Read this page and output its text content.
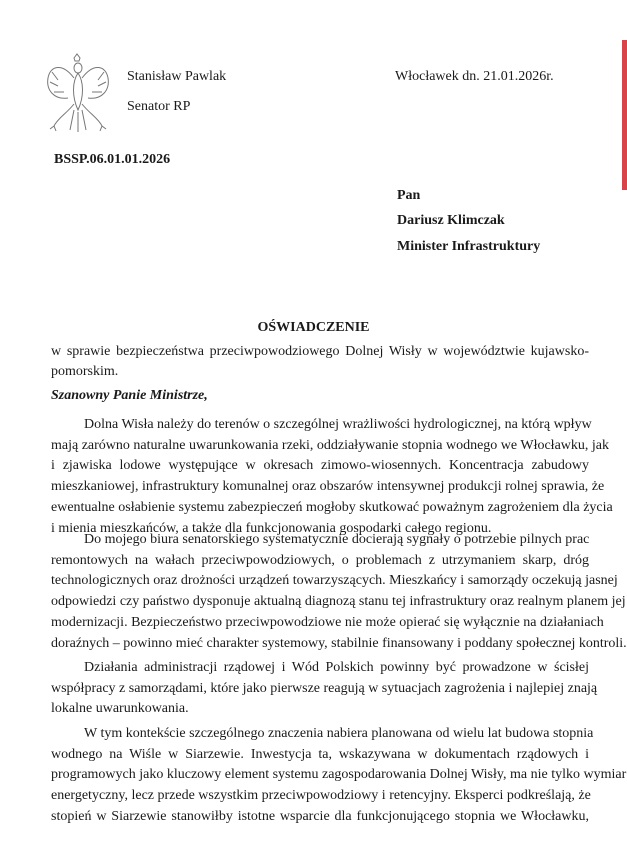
Stanisław Pawlak
Senator RP
Włocławek dn. 21.01.2026r.
BSSP.06.01.01.2026
Pan
Dariusz Klimczak
Minister Infrastruktury
OŚWIADCZENIE
w sprawie bezpieczeństwa przeciwpowodziowego Dolnej Wisły w województwie kujawsko-
pomorskim.
Szanowny Panie Ministrze,
Dolna Wisła należy do terenów o szczególnej wrażliwości hydrologicznej, na którą wpływ
mają zarówno naturalne uwarunkowania rzeki, oddziaływanie stopnia wodnego we Włocławku, jak
i zjawiska lodowe występujące w okresach zimowo-wiosennych. Koncentracja zabudowy
mieszkaniowej, infrastruktury komunalnej oraz obszarów intensywnej produkcji rolnej sprawia, że
ewentualne osłabienie systemu zabezpieczeń mogłoby skutkować poważnym zagrożeniem dla życia
i mienia mieszkańców, a także dla funkcjonowania gospodarki całego regionu.
Do mojego biura senatorskiego systematycznie docierają sygnały o potrzebie pilnych prac
remontowych na wałach przeciwpowodziowych, o problemach z utrzymaniem skarp, dróg
technologicznych oraz drożności urządzeń towarzyszących. Mieszkańcy i samorządy oczekują jasnej
odpowiedzi czy państwo dysponuje aktualną diagnozą stanu tej infrastruktury oraz realnym planem jej
modernizacji. Bezpieczeństwo przeciwpowodziowe nie może opierać się wyłącznie na działaniach
doraźnych – powinno mieć charakter systemowy, stabilnie finansowany i poddany społecznej kontroli.
Działania administracji rządowej i Wód Polskich powinny być prowadzone w ścisłej
współpracy z samorządami, które jako pierwsze reagują w sytuacjach zagrożenia i najlepiej znają
lokalne uwarunkowania.
W tym kontekście szczególnego znaczenia nabiera planowana od wielu lat budowa stopnia
wodnego na Wiśle w Siarzewie. Inwestycja ta, wskazywana w dokumentach rządowych i
programowych jako kluczowy element systemu zagospodarowania Dolnej Wisły, ma nie tylko wymiar
energetyczny, lecz przede wszystkim przeciwpowodziowy i retencyjny. Eksperci podkreślają, że
stopień w Siarzewie stanowiłby istotne wsparcie dla funkcjonującego stopnia we Włocławku,
